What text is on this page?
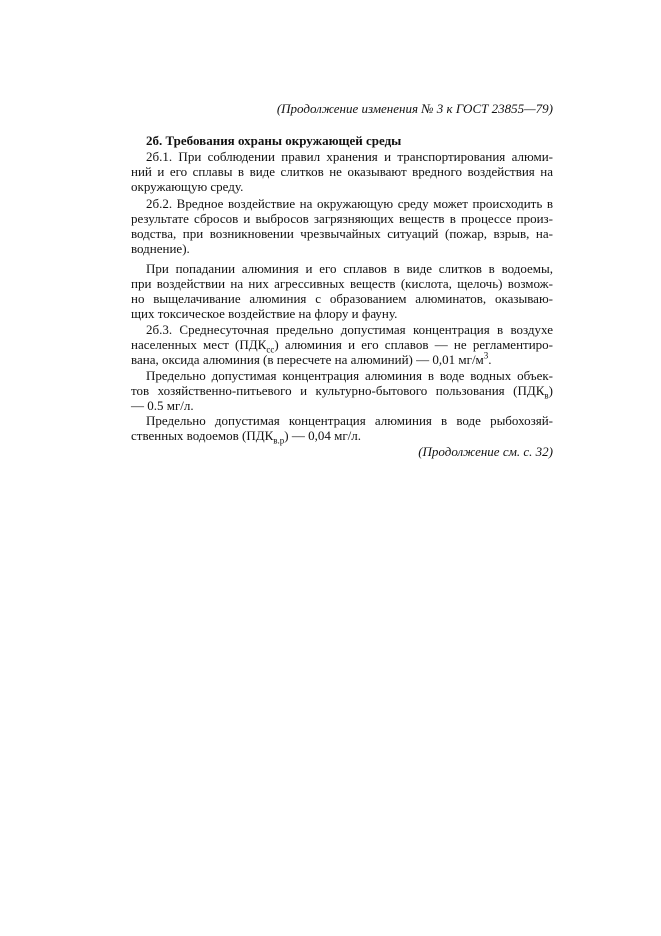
(Продолжение изменения № 3 к ГОСТ 23855—79)
2б. Требования охраны окружающей среды
2б.1. При соблюдении правил хранения и транспортирования алюми-
ний и его сплавы в виде слитков не оказывают вредного воздействия на
окружающую среду.
2б.2. Вредное воздействие на окружающую среду может происходить в
результате сбросов и выбросов загрязняющих веществ в процессе произ-
водства, при возникновении чрезвычайных ситуаций (пожар, взрыв, на-
воднение).
При попадании алюминия и его сплавов в виде слитков в водоемы,
при воздействии на них агрессивных веществ (кислота, щелочь) возмож-
но выщелачивание алюминия с образованием алюминатов, оказываю-
щих токсическое воздействие на флору и фауну.
2б.3. Среднесуточная предельно допустимая концентрация в воздухе
населенных мест $(ПДК_{сс})$ алюминия и его сплавов — не регламентиро-
вана, оксида алюминия (в пересчете на алюминий) — 0,01 $мг/м^3$.
Предельно допустимая концентрация алюминия в воде водных объек-
тов хозяйственно-питьевого и культурно-бытового пользования $(ПДК_в)$
— 0.5 мг/л.
Предельно допустимая концентрация алюминия в воде рыбохозяй-
ственных водоемов $(ПДК_{в.р})$ — 0,04 мг/л.
(Продолжение см. с. 32)
